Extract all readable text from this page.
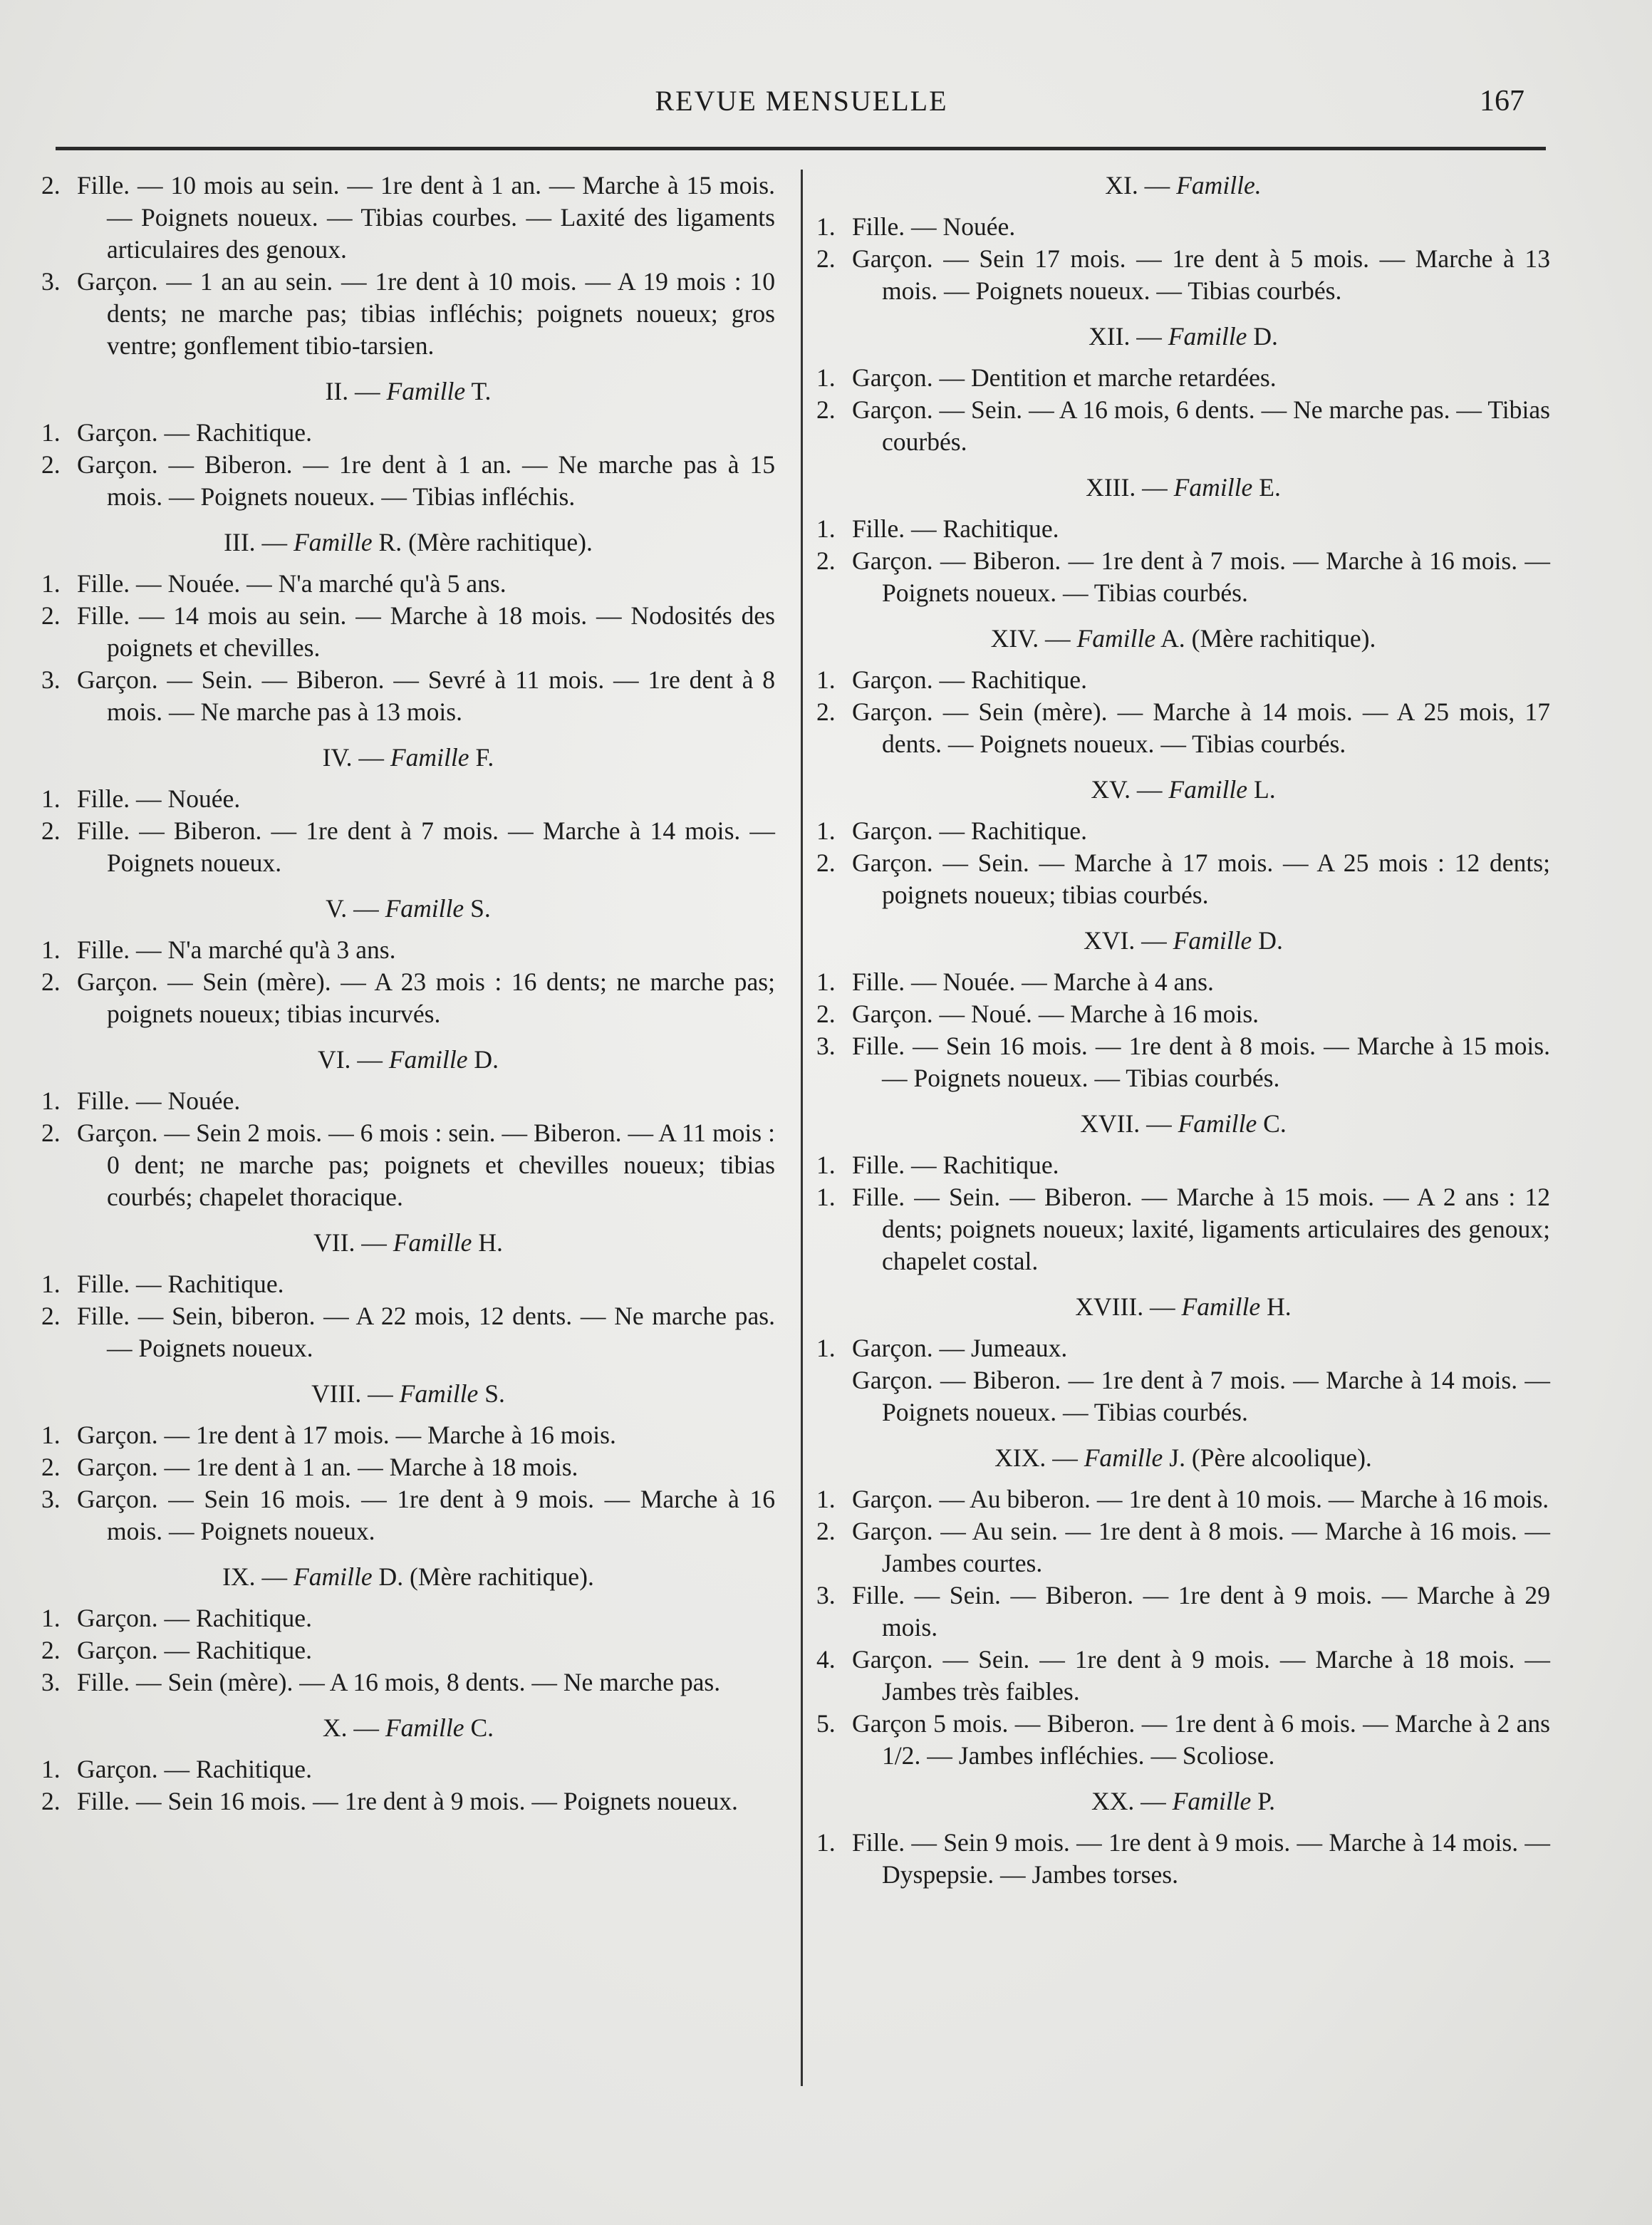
REVUE MENSUELLE	167
2. Fille. — 10 mois au sein. — 1re dent à 1 an. — Marche à 15 mois. — Poignets noueux. — Tibias courbes. — Laxité des ligaments articulaires des genoux.
3. Garçon. — 1 an au sein. — 1re dent à 10 mois. — A 19 mois : 10 dents; ne marche pas; tibias infléchis; poignets noueux; gros ventre; gonflement tibio-tarsien.
II. — Famille T.
1. Garçon. — Rachitique.
2. Garçon. — Biberon. — 1re dent à 1 an. — Ne marche pas à 15 mois. — Poignets noueux. — Tibias infléchis.
III. — Famille R. (Mère rachitique).
1. Fille. — Nouée. — N'a marché qu'à 5 ans.
2. Fille. — 14 mois au sein. — Marche à 18 mois. — Nodosités des poignets et chevilles.
3. Garçon. — Sein. — Biberon. — Sevré à 11 mois. — 1re dent à 8 mois. — Ne marche pas à 13 mois.
IV. — Famille F.
1. Fille. — Nouée.
2. Fille. — Biberon. — 1re dent à 7 mois. — Marche à 14 mois. — Poignets noueux.
V. — Famille S.
1. Fille. — N'a marché qu'à 3 ans.
2. Garçon. — Sein (mère). — A 23 mois : 16 dents; ne marche pas; poignets noueux; tibias incurvés.
VI. — Famille D.
1. Fille. — Nouée.
2. Garçon. — Sein 2 mois. — 6 mois : sein. — Biberon. — A 11 mois : 0 dent; ne marche pas; poignets et chevilles noueux; tibias courbés; chapelet thoracique.
VII. — Famille H.
1. Fille. — Rachitique.
2. Fille. — Sein, biberon. — A 22 mois, 12 dents. — Ne marche pas. — Poignets noueux.
VIII. — Famille S.
1. Garçon. — 1re dent à 17 mois. — Marche à 16 mois.
2. Garçon. — 1re dent à 1 an. — Marche à 18 mois.
3. Garçon. — Sein 16 mois. — 1re dent à 9 mois. — Marche à 16 mois. — Poignets noueux.
IX. — Famille D. (Mère rachitique).
1. Garçon. — Rachitique.
2. Garçon. — Rachitique.
3. Fille. — Sein (mère). — A 16 mois, 8 dents. — Ne marche pas.
X. — Famille C.
1. Garçon. — Rachitique.
2. Fille. — Sein 16 mois. — 1re dent à 9 mois. — Poignets noueux.
XI. — Famille.
1. Fille. — Nouée.
2. Garçon. — Sein 17 mois. — 1re dent à 5 mois. — Marche à 13 mois. — Poignets noueux. — Tibias courbés.
XII. — Famille D.
1. Garçon. — Dentition et marche retardées.
2. Garçon. — Sein. — A 16 mois, 6 dents. — Ne marche pas. — Tibias courbés.
XIII. — Famille E.
1. Fille. — Rachitique.
2. Garçon. — Biberon. — 1re dent à 7 mois. — Marche à 16 mois. — Poignets noueux. — Tibias courbés.
XIV. — Famille A. (Mère rachitique).
1. Garçon. — Rachitique.
2. Garçon. — Sein (mère). — Marche à 14 mois. — A 25 mois, 17 dents. — Poignets noueux. — Tibias courbés.
XV. — Famille L.
1. Garçon. — Rachitique.
2. Garçon. — Sein. — Marche à 17 mois. — A 25 mois : 12 dents; poignets noueux; tibias courbés.
XVI. — Famille D.
1. Fille. — Nouée. — Marche à 4 ans.
2. Garçon. — Noué. — Marche à 16 mois.
3. Fille. — Sein 16 mois. — 1re dent à 8 mois. — Marche à 15 mois. — Poignets noueux. — Tibias courbés.
XVII. — Famille C.
1. Fille. — Rachitique.
1. Fille. — Sein. — Biberon. — Marche à 15 mois. — A 2 ans : 12 dents; poignets noueux; laxité, ligaments articulaires des genoux; chapelet costal.
XVIII. — Famille H.
1. Garçon. — Jumeaux.
Garçon. — Biberon. — 1re dent à 7 mois. — Marche à 14 mois. — Poignets noueux. — Tibias courbés.
XIX. — Famille J. (Père alcoolique).
1. Garçon. — Au biberon. — 1re dent à 10 mois. — Marche à 16 mois.
2. Garçon. — Au sein. — 1re dent à 8 mois. — Marche à 16 mois. — Jambes courtes.
3. Fille. — Sein. — Biberon. — 1re dent à 9 mois. — Marche à 29 mois.
4. Garçon. — Sein. — 1re dent à 9 mois. — Marche à 18 mois. — Jambes très faibles.
5. Garçon 5 mois. — Biberon. — 1re dent à 6 mois. — Marche à 2 ans 1/2. — Jambes infléchies. — Scoliose.
XX. — Famille P.
1. Fille. — Sein 9 mois. — 1re dent à 9 mois. — Marche à 14 mois. — Dyspepsie. — Jambes torses.
